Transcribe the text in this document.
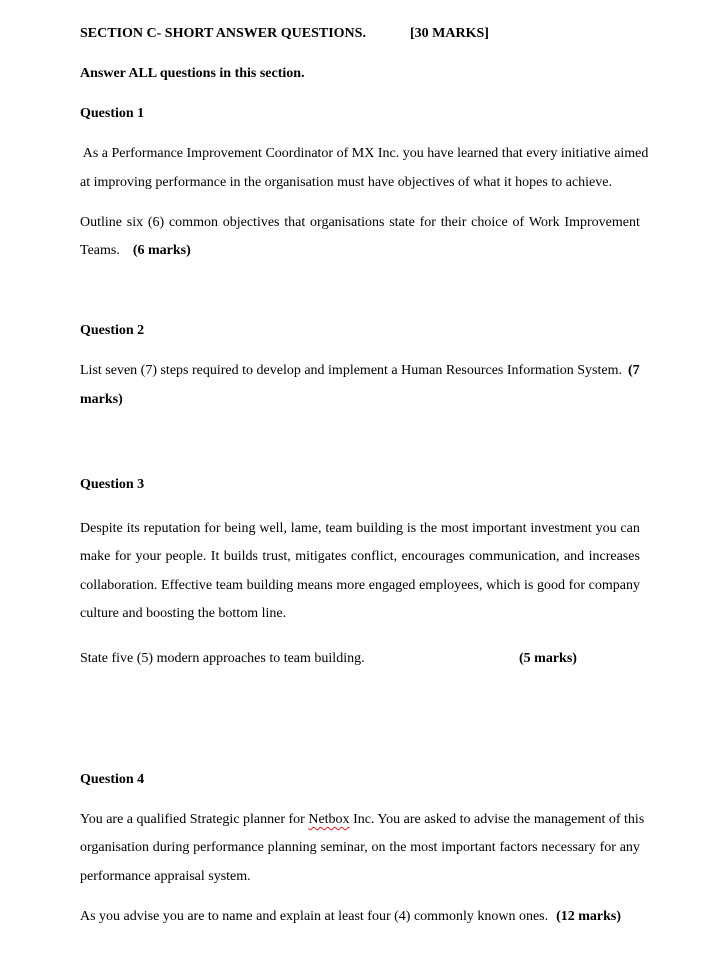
SECTION C- SHORT ANSWER QUESTIONS.	[30 MARKS]
Answer ALL questions in this section.
Question 1
As a Performance Improvement Coordinator of MX Inc. you have learned that every initiative aimed
at improving performance in the organisation must have objectives of what it hopes to achieve.
Outline six (6) common objectives that organisations state for their choice of Work Improvement
Teams. (6 marks)
Question 2
List seven (7) steps required to develop and implement a Human Resources Information System. (7
marks)
Question 3
Despite its reputation for being well, lame, team building is the most important investment you can
make for your people. It builds trust, mitigates conflict, encourages communication, and increases
collaboration. Effective team building means more engaged employees, which is good for company
culture and boosting the bottom line.
State five (5) modern approaches to team building.	(5 marks)
Question 4
You are a qualified Strategic planner for Netbox Inc. You are asked to advise the management of this
organisation during performance planning seminar, on the most important factors necessary for any
performance appraisal system.
As you advise you are to name and explain at least four (4) commonly known ones. (12 marks)
